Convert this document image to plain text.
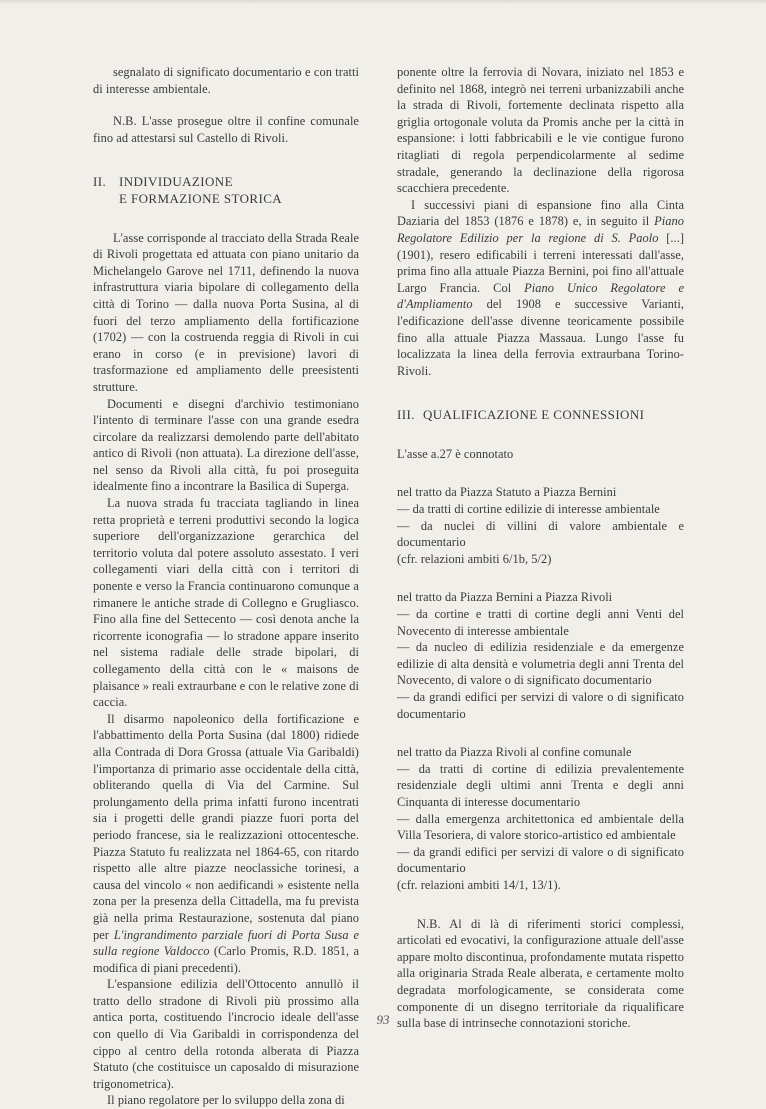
segnalato di significato documentario e con tratti di interesse ambientale.

N.B. L'asse prosegue oltre il confine comunale fino ad attestarsi sul Castello di Rivoli.

II. INDIVIDUAZIONE
E FORMAZIONE STORICA

L'asse corrisponde al tracciato della Strada Reale di Rivoli progettata ed attuata con piano unitario da Michelangelo Garove nel 1711, definendo la nuova infrastruttura viaria bipolare di collegamento della città di Torino — dalla nuova Porta Susina, al di fuori del terzo ampliamento della fortificazione (1702) — con la costruenda reggia di Rivoli in cui erano in corso (e in previsione) lavori di trasformazione ed ampliamento delle preesistenti strutture.

Documenti e disegni d'archivio testimoniano l'intento di terminare l'asse con una grande esedra circolare da realizzarsi demolendo parte dell'abitato antico di Rivoli (non attuata). La direzione dell'asse, nel senso da Rivoli alla città, fu poi proseguita idealmente fino a incontrare la Basilica di Superga.

La nuova strada fu tracciata tagliando in linea retta proprietà e terreni produttivi secondo la logica superiore dell'organizzazione gerarchica del territorio voluta dal potere assoluto assestato. I veri collegamenti viari della città con i territori di ponente e verso la Francia continuarono comunque a rimanere le antiche strade di Collegno e Grugliasco. Fino alla fine del Settecento — così denota anche la ricorrente iconografia — lo stradone appare inserito nel sistema radiale delle strade bipolari, di collegamento della città con le « maisons de plaisance » reali extraurbane e con le relative zone di caccia.

Il disarmo napoleonico della fortificazione e l'abbattimento della Porta Susina (dal 1800) ridiede alla Contrada di Dora Grossa (attuale Via Garibaldi) l'importanza di primario asse occidentale della città, obliterando quella di Via del Carmine. Sul prolungamento della prima infatti furono incentrati sia i progetti delle grandi piazze fuori porta del periodo francese, sia le realizzazioni ottocentesche. Piazza Statuto fu realizzata nel 1864-65, con ritardo rispetto alle altre piazze neoclassiche torinesi, a causa del vincolo « non aedificandi » esistente nella zona per la presenza della Cittadella, ma fu prevista già nella prima Restaurazione, sostenuta dal piano per L'ingrandimento parziale fuori di Porta Susa e sulla regione Valdocco (Carlo Promis, R.D. 1851, a modifica di piani precedenti).

L'espansione edilizia dell'Ottocento annullò il tratto dello stradone di Rivoli più prossimo alla antica porta, costituendo l'incrocio ideale dell'asse con quello di Via Garibaldi in corrispondenza del cippo al centro della rotonda alberata di Piazza Statuto (che costituisce un caposaldo di misurazione trigonometrica).

Il piano regolatore per lo sviluppo della zona di

ponente oltre la ferrovia di Novara, iniziato nel 1853 e definito nel 1868, integrò nei terreni urbanizzabili anche la strada di Rivoli, fortemente declinata rispetto alla griglia ortogonale voluta da Promis anche per la città in espansione: i lotti fabbricabili e le vie contigue furono ritagliati di regola perpendicolarmente al sedime stradale, generando la declinazione della rigorosa scacchiera precedente.

I successivi piani di espansione fino alla Cinta Daziaria del 1853 (1876 e 1878) e, in seguito il Piano Regolatore Edilizio per la regione di S. Paolo [...] (1901), resero edificabili i terreni interessati dall'asse, prima fino alla attuale Piazza Bernini, poi fino all'attuale Largo Francia. Col Piano Unico Regolatore e d'Ampliamento del 1908 e successive Varianti, l'edificazione dell'asse divenne teoricamente possibile fino alla attuale Piazza Massaua. Lungo l'asse fu localizzata la linea della ferrovia extraurbana Torino-Rivoli.

III. QUALIFICAZIONE E CONNESSIONI

L'asse a.27 è connotato

nel tratto da Piazza Statuto a Piazza Bernini

— da tratti di cortine edilizie di interesse ambientale

— da nuclei di villini di valore ambientale e documentario

(cfr. relazioni ambiti 6/1b, 5/2)

nel tratto da Piazza Bernini a Piazza Rivoli

— da cortine e tratti di cortine degli anni Venti del Novecento di interesse ambientale

— da nucleo di edilizia residenziale e da emergenze edilizie di alta densità e volumetria degli anni Trenta del Novecento, di valore o di significato documentario

— da grandi edifici per servizi di valore o di significato documentario

nel tratto da Piazza Rivoli al confine comunale

— da tratti di cortine di edilizia prevalentemente residenziale degli ultimi anni Trenta e degli anni Cinquanta di interesse documentario

— dalla emergenza architettonica ed ambientale della Villa Tesoriera, di valore storico-artistico ed ambientale

— da grandi edifici per servizi di valore o di significato documentario

(cfr. relazioni ambiti 14/1, 13/1).

N.B. Al di là di riferimenti storici complessi, articolati ed evocativi, la configurazione attuale dell'asse appare molto discontinua, profondamente mutata rispetto alla originaria Strada Reale alberata, e certamente molto degradata morfologicamente, se considerata come componente di un disegno territoriale da riqualificare sulla base di intrinseche connotazioni storiche.

93
